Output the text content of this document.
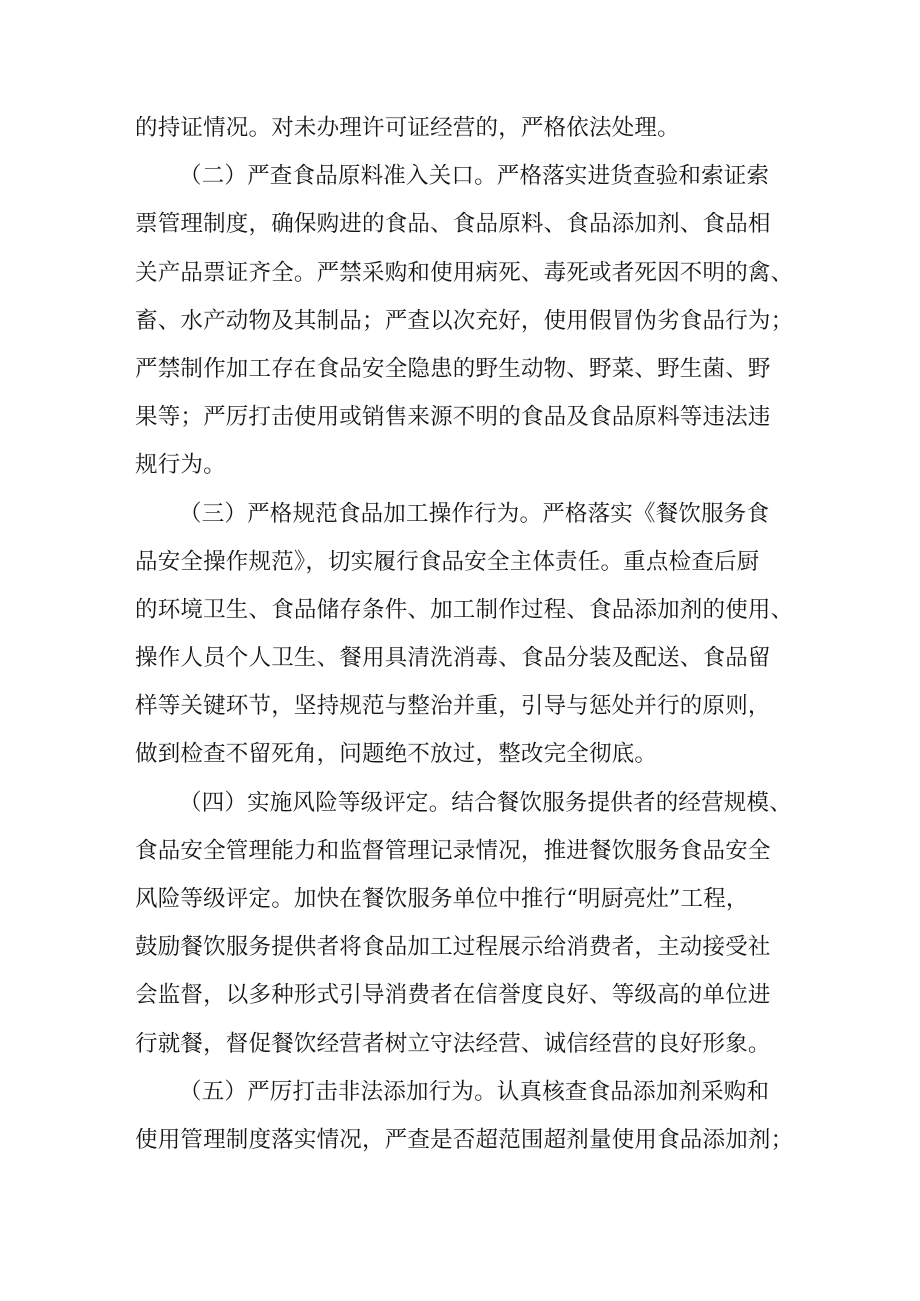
的持证情况。对未办理许可证经营的，严格依法处理。
（二）严查食品原料准入关口。严格落实进货查验和索证索
票管理制度，确保购进的食品、食品原料、食品添加剂、食品相
关产品票证齐全。严禁采购和使用病死、毒死或者死因不明的禽、
畜、水产动物及其制品；严查以次充好，使用假冒伪劣食品行为；
严禁制作加工存在食品安全隐患的野生动物、野菜、野生菌、野
果等；严厉打击使用或销售来源不明的食品及食品原料等违法违
规行为。
（三）严格规范食品加工操作行为。严格落实《餐饮服务食
品安全操作规范》，切实履行食品安全主体责任。重点检查后厨
的环境卫生、食品储存条件、加工制作过程、食品添加剂的使用、
操作人员个人卫生、餐用具清洗消毒、食品分装及配送、食品留
样等关键环节，坚持规范与整治并重，引导与惩处并行的原则，
做到检查不留死角，问题绝不放过，整改完全彻底。
（四）实施风险等级评定。结合餐饮服务提供者的经营规模、
食品安全管理能力和监督管理记录情况，推进餐饮服务食品安全
风险等级评定。加快在餐饮服务单位中推行“明厨亮灶”工程，
鼓励餐饮服务提供者将食品加工过程展示给消费者，主动接受社
会监督，以多种形式引导消费者在信誉度良好、等级高的单位进
行就餐，督促餐饮经营者树立守法经营、诚信经营的良好形象。
（五）严厉打击非法添加行为。认真核查食品添加剂采购和
使用管理制度落实情况，严查是否超范围超剂量使用食品添加剂；
